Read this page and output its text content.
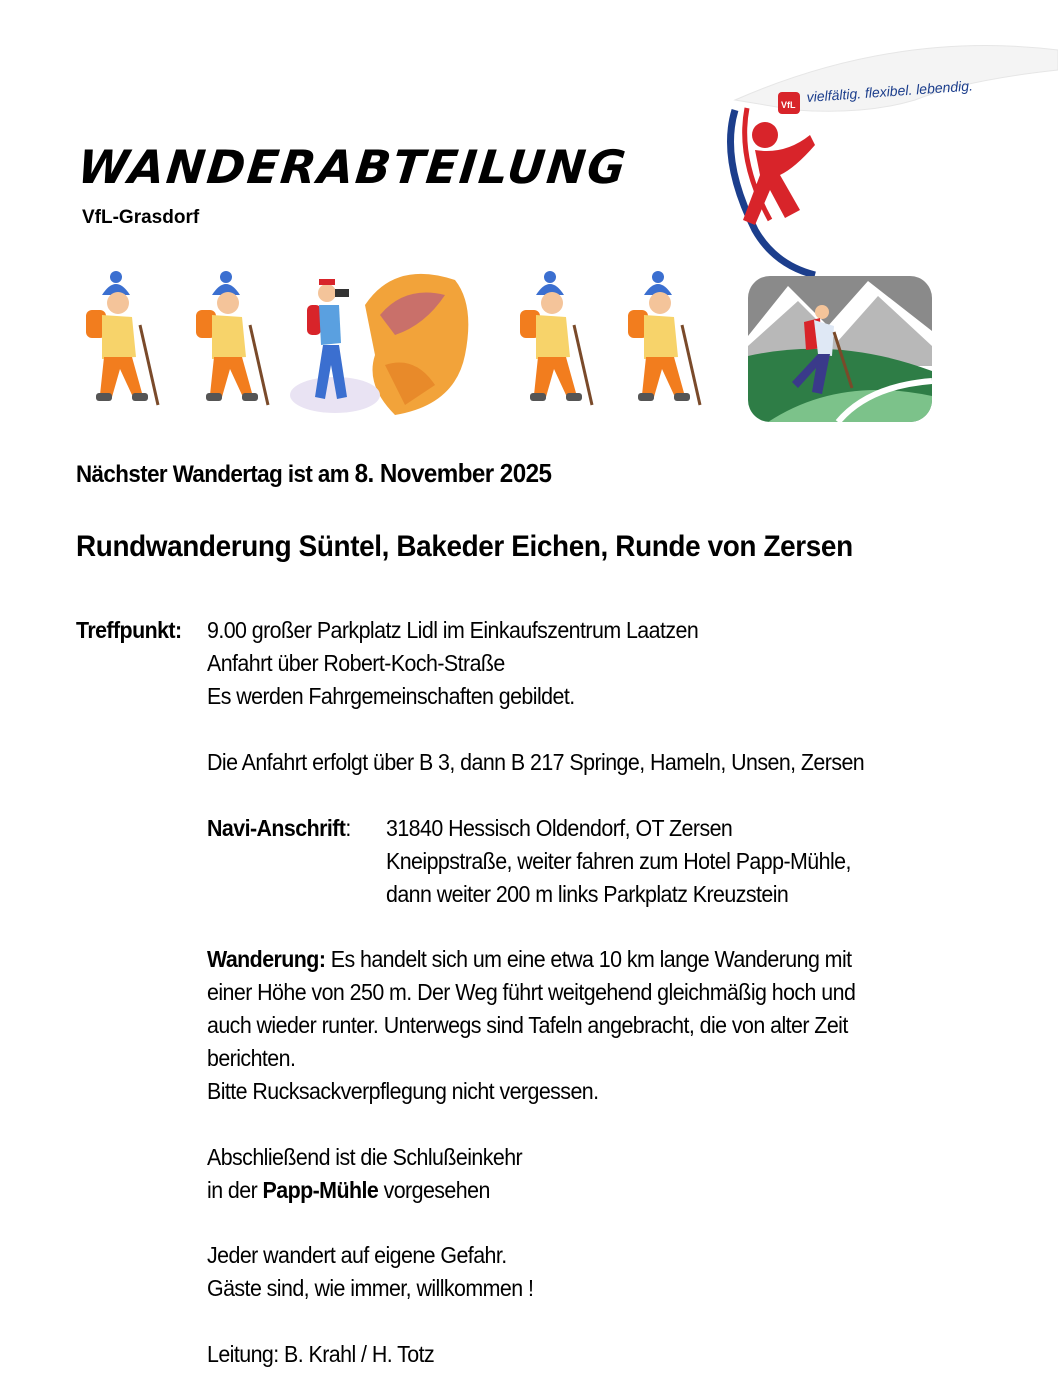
WANDERABTEILUNG
VfL-Grasdorf
VfL
vielfältig. flexibel. lebendig.
Nächster Wandertag ist am 8. November 2025
Rundwanderung Süntel, Bakeder Eichen, Runde von Zersen
Treffpunkt: 9.00 großer Parkplatz Lidl im Einkaufszentrum Laatzen
Anfahrt über Robert-Koch-Straße
Es werden Fahrgemeinschaften gebildet.
Die Anfahrt erfolgt über B 3, dann B 217 Springe, Hameln, Unsen, Zersen
Navi-Anschrift: 31840 Hessisch Oldendorf, OT Zersen
Kneippstraße, weiter fahren zum Hotel Papp-Mühle,
dann weiter 200 m links Parkplatz Kreuzstein
Wanderung: Es handelt sich um eine etwa 10 km lange Wanderung mit
einer Höhe von 250 m. Der Weg führt weitgehend gleichmäßig hoch und
auch wieder runter. Unterwegs sind Tafeln angebracht, die von alter Zeit
berichten.
Bitte Rucksackverpflegung nicht vergessen.
Abschließend ist die Schlußeinkehr
in der Papp-Mühle vorgesehen
Jeder wandert auf eigene Gefahr.
Gäste sind, wie immer, willkommen !
Leitung: B. Krahl / H. Totz
